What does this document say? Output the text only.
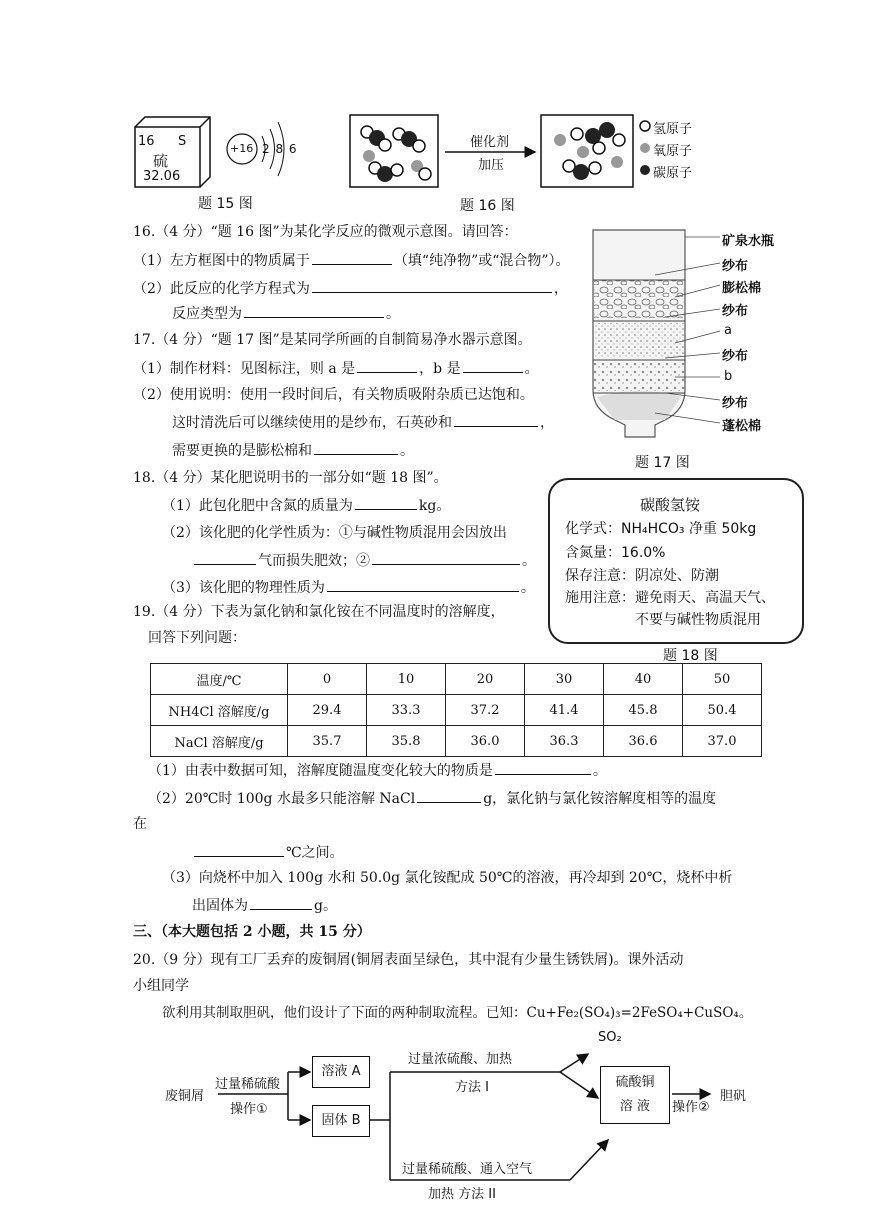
16 S
硫
32.06
+16 2 8 6
题 15 图
催化剂
加压
氢原子
氧原子
碳原子
题 16 图
矿泉水瓶
纱布
膨松棉
纱布
a
纱布
b
纱布
蓬松棉
题 17 图
碳酸氢铵
化学式：NH₄HCO₃ 净重 50kg
含氮量：16.0%
保存注意：阴凉处、防潮
施用注意：避免雨天、高温天气、
不要与碱性物质混用
题 18 图
16.（4 分）“题 16 图”为某化学反应的微观示意图。请回答：
（1）左方框图中的物质属于	（填“纯净物”或“混合物”）。
（2）此反应的化学方程式为	，
反应类型为	。
17.（4 分）“题 17 图”是某同学所画的自制简易净水器示意图。
（1）制作材料：见图标注，则 a 是	，b 是	。
（2）使用说明：使用一段时间后，有关物质吸附杂质已达饱和。
这时清洗后可以继续使用的是纱布，石英砂和	，
需要更换的是膨松棉和	。
18.（4 分）某化肥说明书的一部分如“题 18 图”。
（1）此包化肥中含氮的质量为	kg。
（2）该化肥的化学性质为：①与碱性物质混用会因放出
气而损失肥效；②	。
（3）该化肥的物理性质为	。
19.（4 分）下表为氯化钠和氯化铵在不同温度时的溶解度，
回答下列问题：
温度/℃	0	10	20	30	40	50
NH4Cl 溶解度/g	29.4	33.3	37.2	41.4	45.8	50.4
NaCl 溶解度/g	35.7	35.8	36.0	36.3	36.6	37.0
（1）由表中数据可知，溶解度随温度变化较大的物质是	。
（2）20℃时 100g 水最多只能溶解 NaCl	g，氯化钠与氯化铵溶解度相等的温度
在
℃之间。
（3）向烧杯中加入 100g 水和 50.0g 氯化铵配成 50℃的溶液，再冷却到 20℃，烧杯中析
出固体为	g。
三、（本大题包括 2 小题，共 15 分）
20.（9 分）现有工厂丢弃的废铜屑(铜屑表面呈绿色，其中混有少量生锈铁屑)。课外活动
小组同学
欲利用其制取胆矾，他们设计了下面的两种制取流程。已知：Cu+Fe₂(SO₄)₃=2FeSO₄+CuSO₄。
废铜屑
过量稀硫酸
操作①
溶液 A
固体 B
过量浓硫酸、加热
方法 I
SO₂
硫酸铜
溶 液	操作②
胆矾
过量稀硫酸、通入空气
加热 方法 II
